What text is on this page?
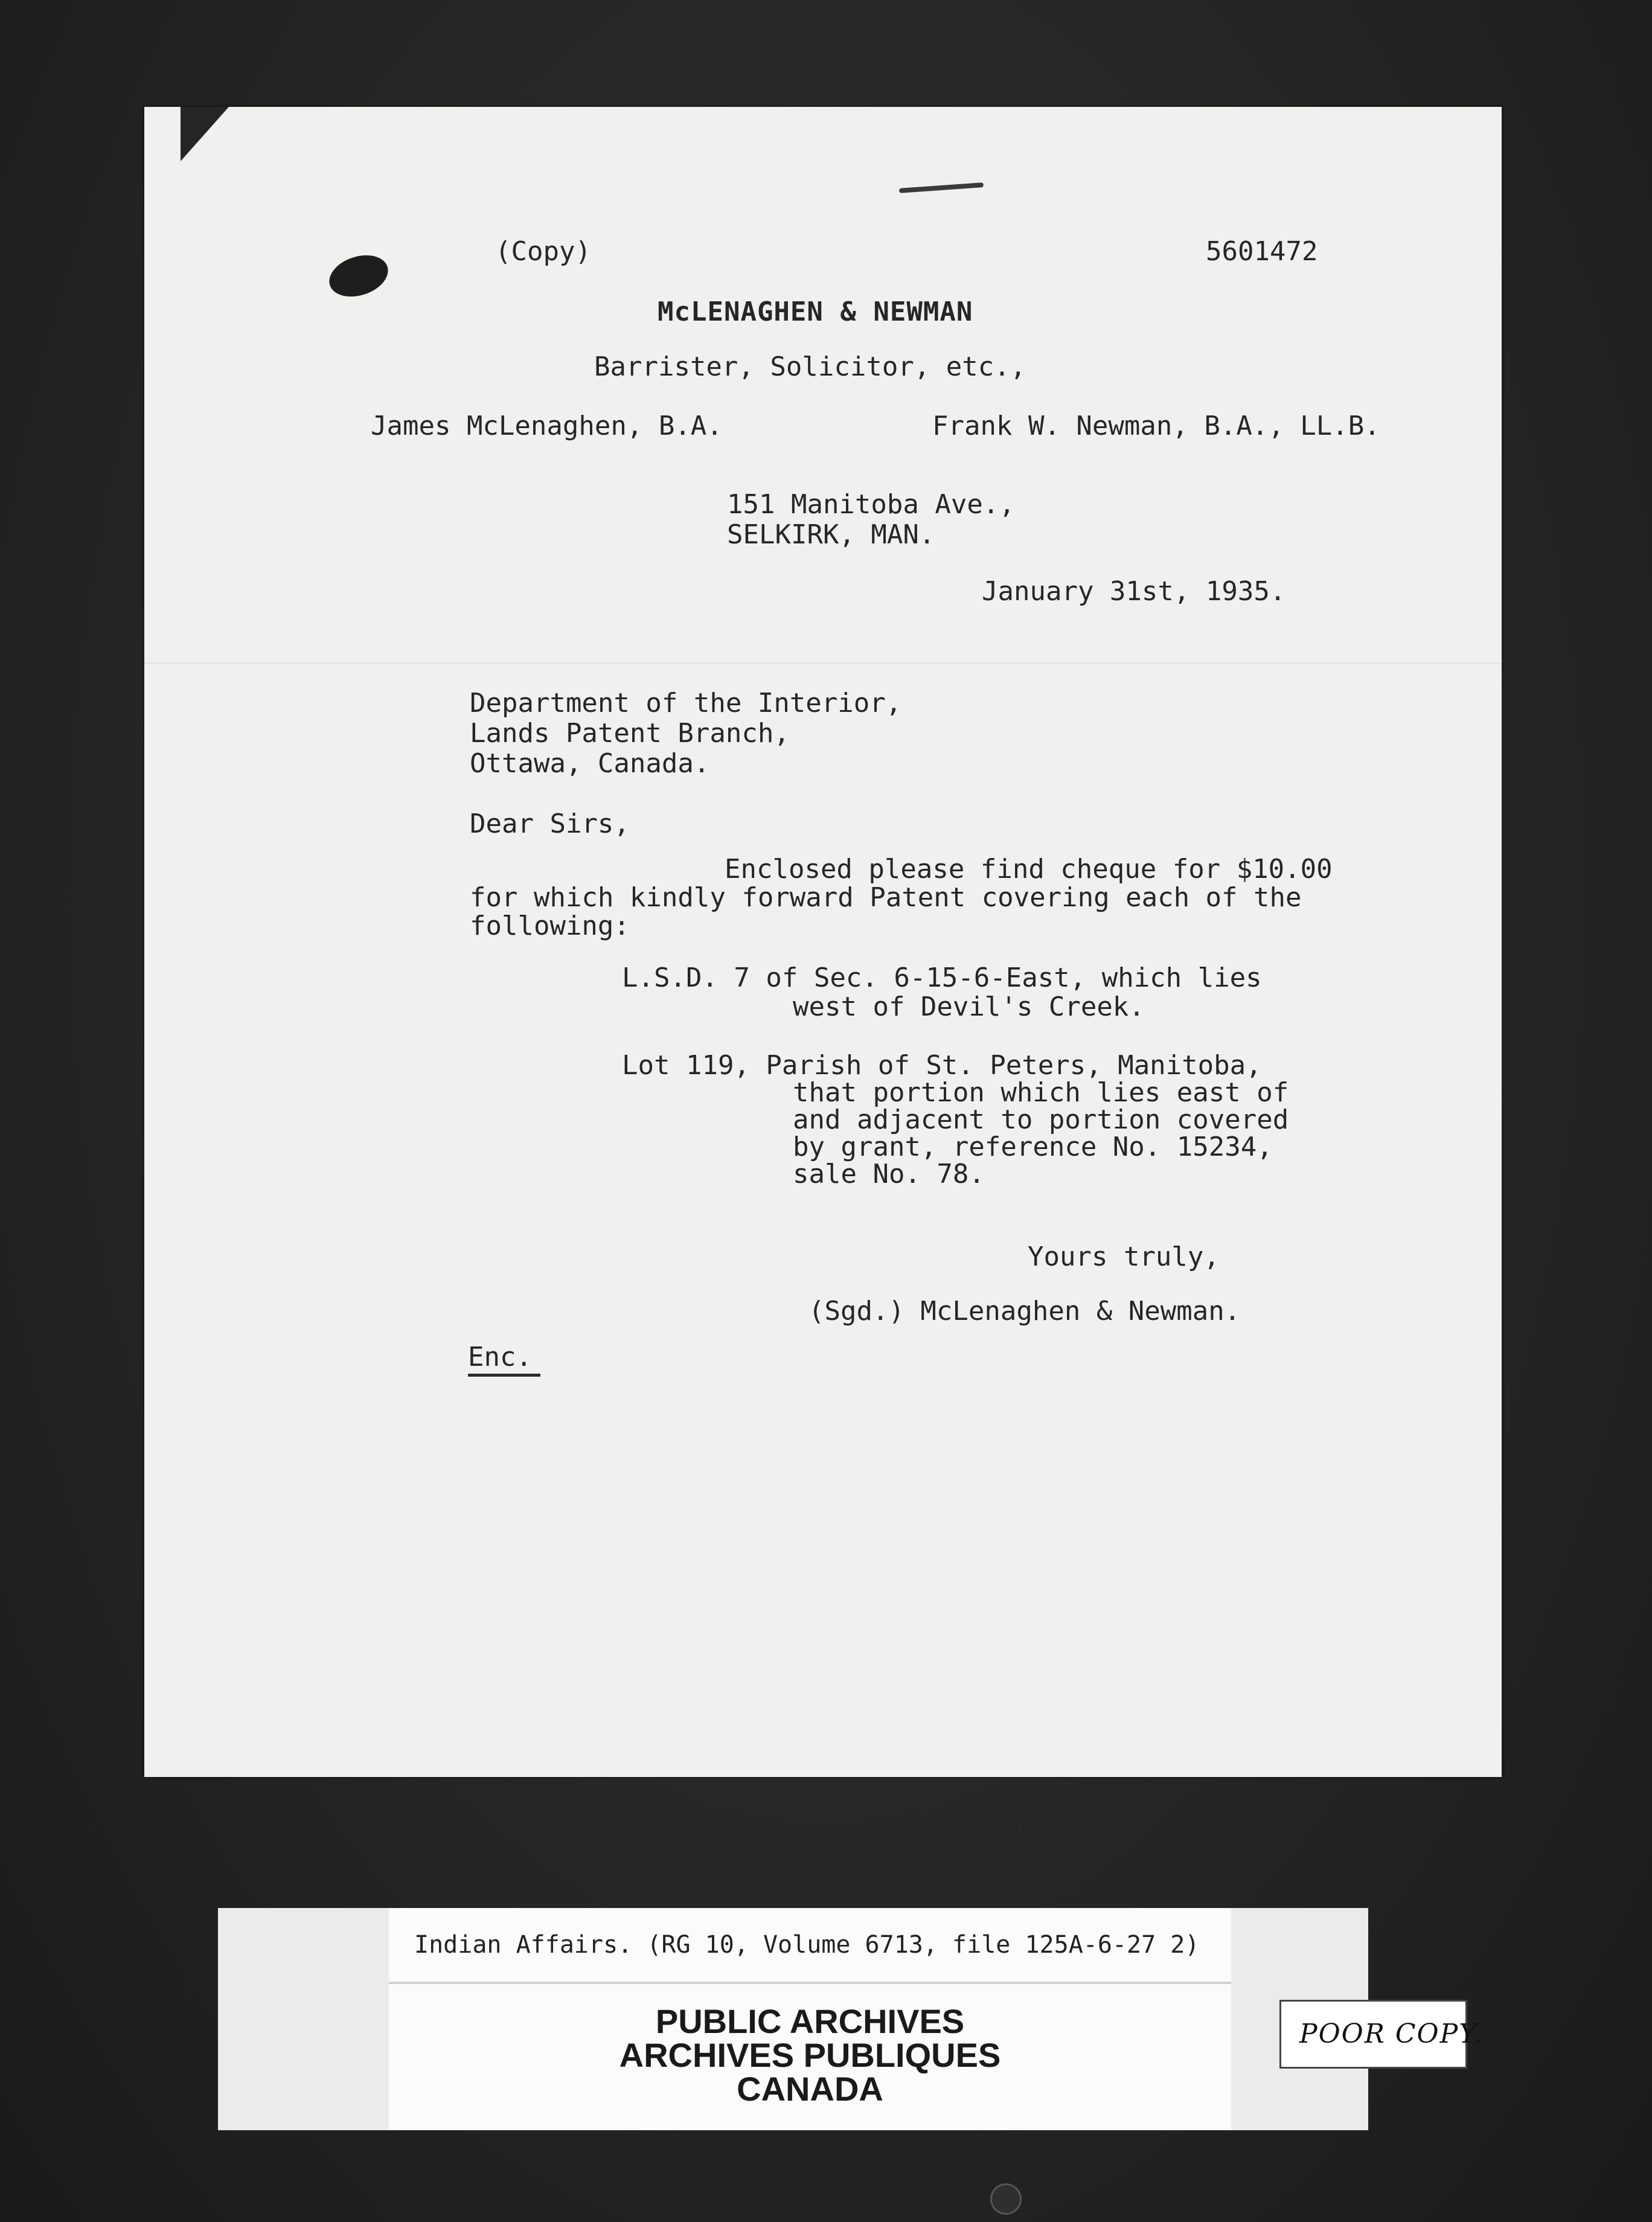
(Copy)	5601472
McLENAGHEN & NEWMAN
Barrister, Solicitor, etc.,
James McLenaghen, B.A.	Frank W. Newman, B.A., LL.B.
151 Manitoba Ave.,
SELKIRK, MAN.
January 31st, 1935.
Department of the Interior,
Lands Patent Branch,
Ottawa, Canada.
Dear Sirs,
Enclosed please find cheque for $10.00
for which kindly forward Patent covering each of the
following:
L.S.D. 7 of Sec. 6-15-6-East, which lies
west of Devil's Creek.
Lot 119, Parish of St. Peters, Manitoba,
that portion which lies east of
and adjacent to portion covered
by grant, reference No. 15234,
sale No. 78.
Yours truly,
(Sgd.) McLenaghen & Newman.
Enc.
Indian Affairs. (RG 10, Volume 6713, file 125A-6-27 2)
PUBLIC ARCHIVES
ARCHIVES PUBLIQUES
CANADA
POOR COPY.
